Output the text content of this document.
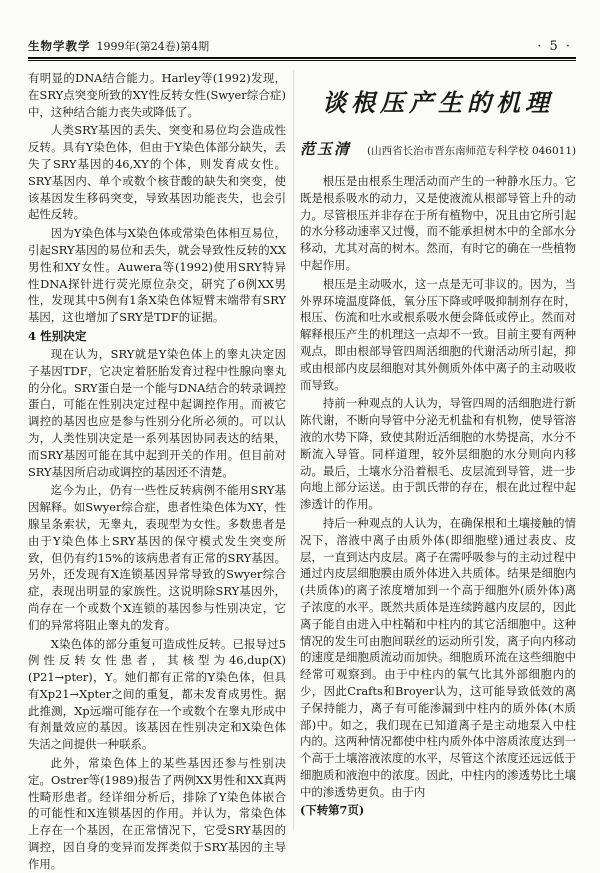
生物学教学 1999年(第24卷)第4期	· 5 ·

有明显的DNA结合能力。Harley等(1992)发现，在SRY点突变所致的XY性反转女性(Swyer综合症)中，这种结合能力丧失或降低了。

人类SRY基因的丢失、突变和易位均会造成性反转。具有Y染色体，但由于Y染色体部分缺失，丢失了SRY基因的46,XY的个体，则发育成女性。SRY基因内、单个或数个核苷酸的缺失和突变，使该基因发生移码突变，导致基因功能丧失，也会引起性反转。

因为Y染色体与X染色体或常染色体相互易位，引起SRY基因的易位和丢失，就会导致性反转的XX男性和XY女性。Auwera等(1992)使用SRY特异性DNA探针进行荧光原位杂交，研究了6例XX男性，发现其中5例有1条X染色体短臂末端带有SRY基因，这也增加了SRY是TDF的证据。

4 性别决定

现在认为，SRY就是Y染色体上的睾丸决定因子基因TDF，它决定着胚胎发育过程中性腺向睾丸的分化。SRY蛋白是一个能与DNA结合的转录调控蛋白，可能在性别决定过程中起调控作用。而被它调控的基因也应是参与性别分化所必须的。可以认为，人类性别决定是一系列基因协同表达的结果，而SRY基因可能在其中起到开关的作用。但目前对SRY基因所启动或调控的基因还不清楚。

迄今为止，仍有一些性反转病例不能用SRY基因解释。如Swyer综合症，患者性染色体为XY，性腺呈条索状，无睾丸，表现型为女性。多数患者是由于Y染色体上SRY基因的保守模式发生突变所致，但仍有约15%的该病患者有正常的SRY基因。另外，还发现有X连锁基因异常导致的Swyer综合症，表现出明显的家族性。这说明除SRY基因外，尚存在一个或数个X连锁的基因参与性别决定，它们的异常将阻止睾丸的发育。

X染色体的部分重复可造成性反转。已报导过5例性反转女性患者，其核型为46,dup(X)(P21→pter)，Y。她们都有正常的Y染色体，但具有Xp21→Xpter之间的重复，都未发育成男性。据此推测，Xp远端可能存在一个或数个在睾丸形成中有剂量效应的基因。该基因在性别决定和X染色体失活之间提供一种联系。

此外，常染色体上的某些基因还参与性别决定。Ostrer等(1989)报告了两例XX男性和XX真两性畸形患者。经详细分析后，排除了Y染色体嵌合的可能性和X连锁基因的作用。并认为，常染色体上存在一个基因，在正常情况下，它受SRY基因的调控，因自身的变异而发挥类似于SRY基因的主导作用。

谈根压产生的机理
范玉清 (山西省长治市晋东南师范专科学校 046011)

根压是由根系生理活动而产生的一种静水压力。它既是根系吸水的动力，又是使液流从根部导管上升的动力。尽管根压并非存在于所有植物中，况且由它所引起的水分移动速率又过慢，而不能承担树木中的全部水分移动，尤其对高的树木。然而，有时它的确在一些植物中起作用。

根压是主动吸水，这一点是无可非议的。因为，当外界环境温度降低，氧分压下降或呼吸抑制剂存在时，根压、伤流和吐水或根系吸水便会降低或停止。然而对解释根压产生的机理这一点却不一致。目前主要有两种观点，即由根部导管四周活细胞的代谢活动所引起，抑或由根部内皮层细胞对其外侧质外体中离子的主动吸收而导致。

持前一种观点的人认为，导管四周的活细胞进行新陈代谢，不断向导管中分泌无机盐和有机物，使导管溶液的水势下降，致使其附近活细胞的水势提高，水分不断流入导管。同样道理，较外层细胞的水分则向内移动。最后，土壤水分沿着根毛、皮层流到导管，进一步向地上部分运送。由于凯氏带的存在，根在此过程中起渗透计的作用。

持后一种观点的人认为，在确保根和土壤接触的情况下，溶液中离子由质外体(即细胞壁)通过表皮、皮层，一直到达内皮层。离子在需呼吸参与的主动过程中通过内皮层细胞膜由质外体进入共质体。结果是细胞内(共质体)的离子浓度增加到一个高于细胞外(质外体)离子浓度的水平。既然共质体是连续跨越内皮层的，因此离子能自由进入中柱鞘和中柱内的其它活细胞中。这种情况的发生可由胞间联丝的运动所引发，离子向内移动的速度是细胞质流动而加快。细胞质环流在这些细胞中经常可观察到。由于中柱内的氧气比其外部细胞内的少，因此Crafts和Broyer认为，这可能导致低效的离子保持能力，离子有可能渗漏到中柱内的质外体(木质部)中。如之，我们现在已知道离子是主动地泵入中柱内的。这两种情况都使中柱内质外体中溶质浓度达到一个高于土壤溶液浓度的水平，尽管这个浓度还远远低于细胞质和液泡中的浓度。因此，中柱内的渗透势比土壤中的渗透势更负。由于内

(下转第7页)
